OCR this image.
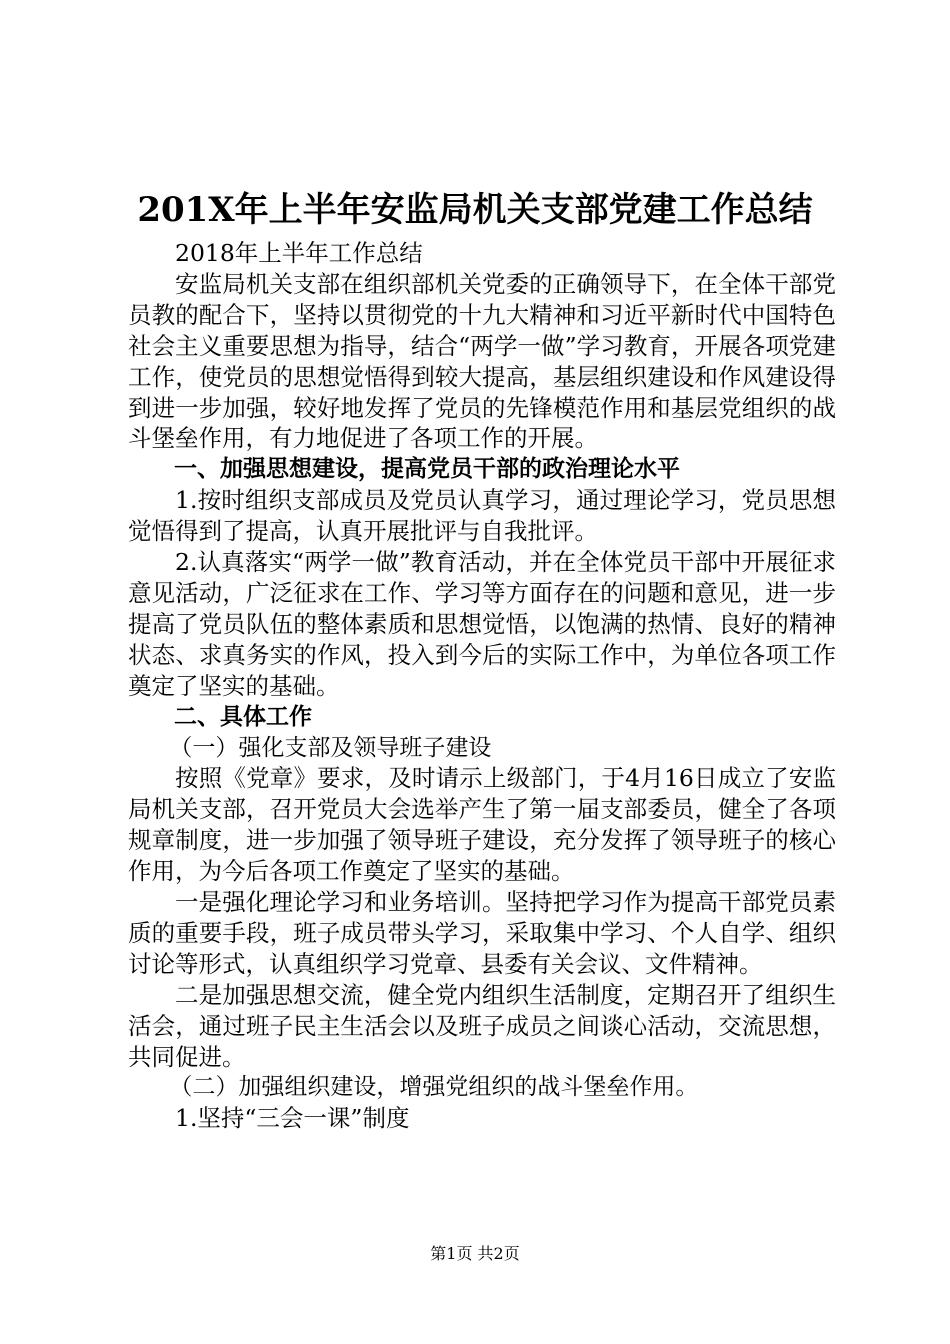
201X年上半年安监局机关支部党建工作总结

2018年上半年工作总结

安监局机关支部在组织部机关党委的正确领导下，在全体干部党员教的配合下，坚持以贯彻党的十九大精神和习近平新时代中国特色社会主义重要思想为指导，结合“两学一做”学习教育，开展各项党建工作，使党员的思想觉悟得到较大提高，基层组织建设和作风建设得到进一步加强，较好地发挥了党员的先锋模范作用和基层党组织的战斗堡垒作用，有力地促进了各项工作的开展。

一、加强思想建设，提高党员干部的政治理论水平

1.按时组织支部成员及党员认真学习，通过理论学习，党员思想觉悟得到了提高，认真开展批评与自我批评。

2.认真落实“两学一做”教育活动，并在全体党员干部中开展征求意见活动，广泛征求在工作、学习等方面存在的问题和意见，进一步提高了党员队伍的整体素质和思想觉悟，以饱满的热情、良好的精神状态、求真务实的作风，投入到今后的实际工作中，为单位各项工作奠定了坚实的基础。

二、具体工作

（一）强化支部及领导班子建设

按照《党章》要求，及时请示上级部门，于4月16日成立了安监局机关支部，召开党员大会选举产生了第一届支部委员，健全了各项规章制度，进一步加强了领导班子建设，充分发挥了领导班子的核心作用，为今后各项工作奠定了坚实的基础。

一是强化理论学习和业务培训。坚持把学习作为提高干部党员素质的重要手段，班子成员带头学习，采取集中学习、个人自学、组织讨论等形式，认真组织学习党章、县委有关会议、文件精神。

二是加强思想交流，健全党内组织生活制度，定期召开了组织生活会，通过班子民主生活会以及班子成员之间谈心活动，交流思想，共同促进。

（二）加强组织建设，增强党组织的战斗堡垒作用。

1.坚持“三会一课”制度

第1页 共2页
